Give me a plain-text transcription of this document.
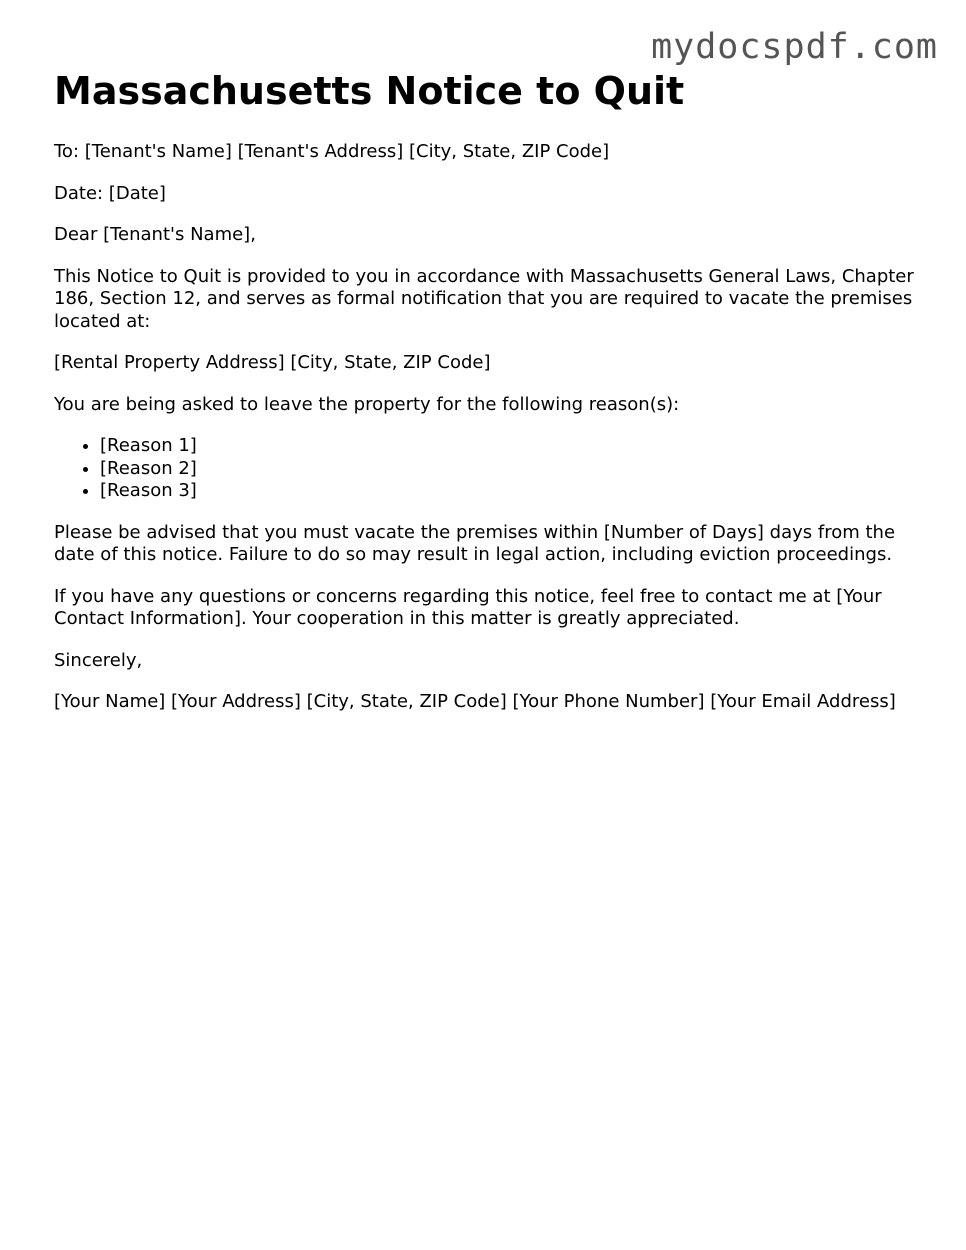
mydocspdf.com
Massachusetts Notice to Quit

To: [Tenant's Name] [Tenant's Address] [City, State, ZIP Code]

Date: [Date]

Dear [Tenant's Name],

This Notice to Quit is provided to you in accordance with Massachusetts General Laws, Chapter 186, Section 12, and serves as formal notification that you are required to vacate the premises located at:

[Rental Property Address] [City, State, ZIP Code]

You are being asked to leave the property for the following reason(s):

• [Reason 1]
• [Reason 2]
• [Reason 3]

Please be advised that you must vacate the premises within [Number of Days] days from the date of this notice. Failure to do so may result in legal action, including eviction proceedings.

If you have any questions or concerns regarding this notice, feel free to contact me at [Your Contact Information]. Your cooperation in this matter is greatly appreciated.

Sincerely,

[Your Name] [Your Address] [City, State, ZIP Code] [Your Phone Number] [Your Email Address]
